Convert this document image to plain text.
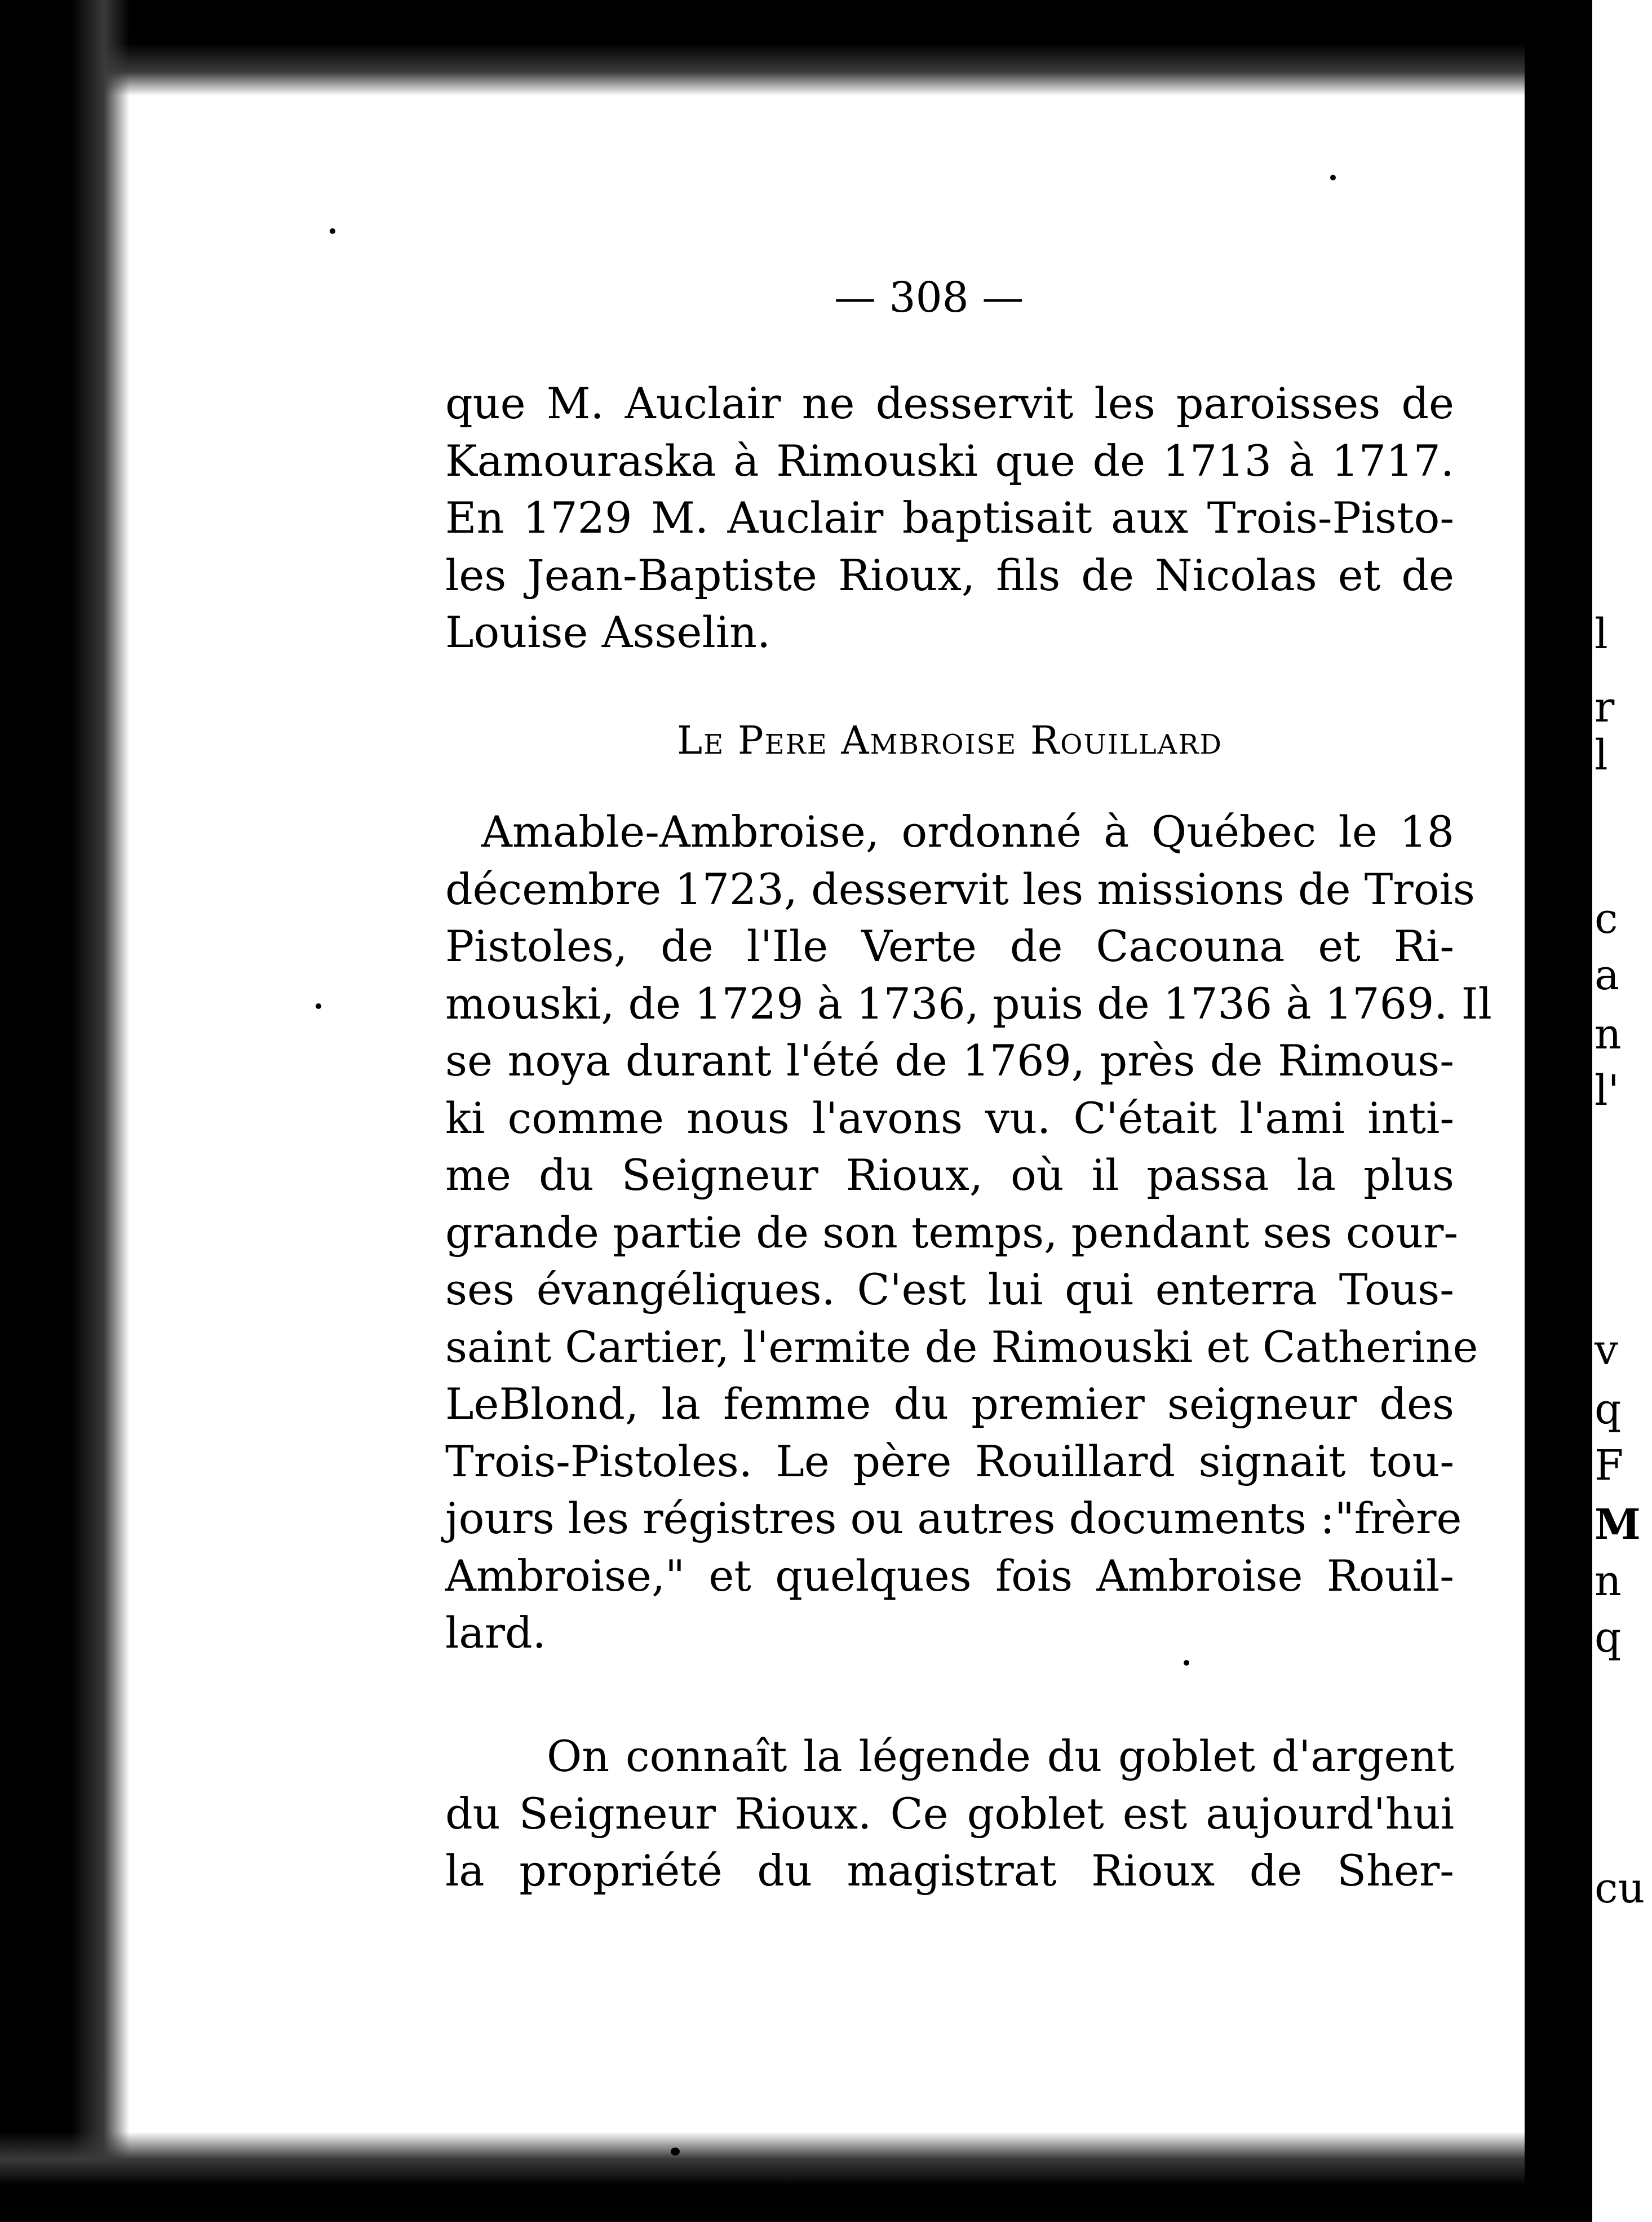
l
r
l
c
a
n
l'
v
q
F
M
n
q
cu
— 308 —
que M. Auclair ne desservit les paroisses de
Kamouraska à Rimouski que de 1713 à 1717.
En 1729 M. Auclair baptisait aux Trois-Pisto-
les Jean-Baptiste Rioux, fils de Nicolas et de
Louise Asselin.
Le Pere Ambroise Rouillard
Amable-Ambroise, ordonné à Québec le 18
décembre 1723, desservit les missions de Trois
Pistoles, de l'Ile Verte de Cacouna et Ri-
mouski, de 1729 à 1736, puis de 1736 à 1769. Il
se noya durant l'été de 1769, près de Rimous-
ki comme nous l'avons vu. C'était l'ami inti-
me du Seigneur Rioux, où il passa la plus
grande partie de son temps, pendant ses cour-
ses évangéliques. C'est lui qui enterra Tous-
saint Cartier, l'ermite de Rimouski et Catherine
LeBlond, la femme du premier seigneur des
Trois-Pistoles. Le père Rouillard signait tou-
jours les régistres ou autres documents :"frère
Ambroise," et quelques fois Ambroise Rouil-
lard.
On connaît la légende du goblet d'argent
du Seigneur Rioux. Ce goblet est aujourd'hui
la propriété du magistrat Rioux de Sher-
